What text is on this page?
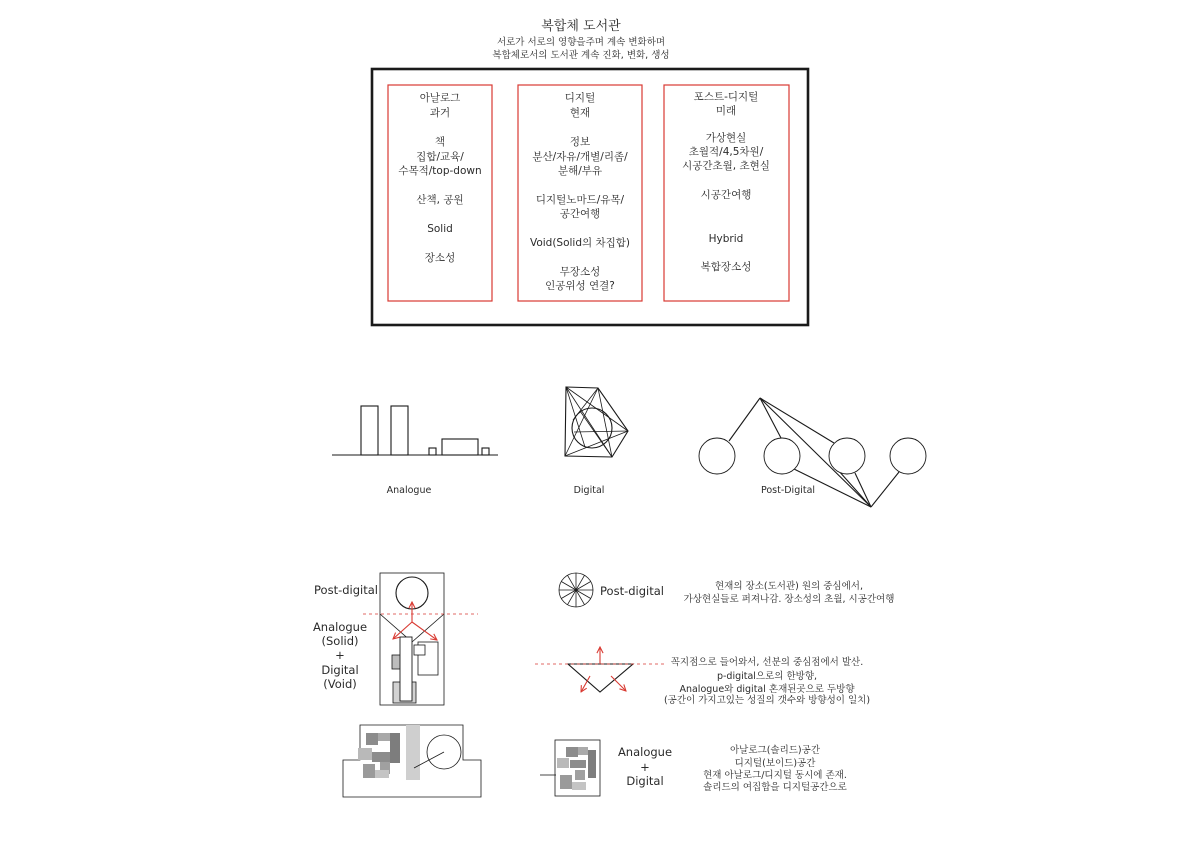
복합체 도서관
서로가 서로의 영향을주며 계속 변화하며
복합체로서의 도서관 계속 진화, 변화, 생성
아날로그
과거
책
집합/교육/
수목적/top-down
산책, 공원
Solid
장소성
디지털
현재
정보
분산/자유/개별/리좀/
분해/부유
디지털노마드/유목/
공간여행
Void(Solid의 차집합)
무장소성
인공위성 연결?
포스트-디지털
미래
가상현실
초월적/4,5차원/
시공간초월, 초현실
시공간여행
Hybrid
복합장소성
Analogue	Digital	Post-Digital
Post-digital
Analogue
(Solid)
+
Digital
(Void)
Post-digital	현재의 장소(도서관) 원의 중심에서,
가상현실들로 퍼져나감. 장소성의 초월, 시공간여행
꼭지점으로 들어와서, 선분의 중심점에서 발산.
p-digital으로의 한방향,
Analogue와 digital 혼재된곳으로 두방향
(공간이 가지고있는 성질의 갯수와 방향성이 일치)
Analogue
+
Digital
아날로그(솔리드)공간
디지털(보이드)공간
현재 아날로그/디지털 동시에 존재.
솔리드의 여집합을 디지털공간으로
